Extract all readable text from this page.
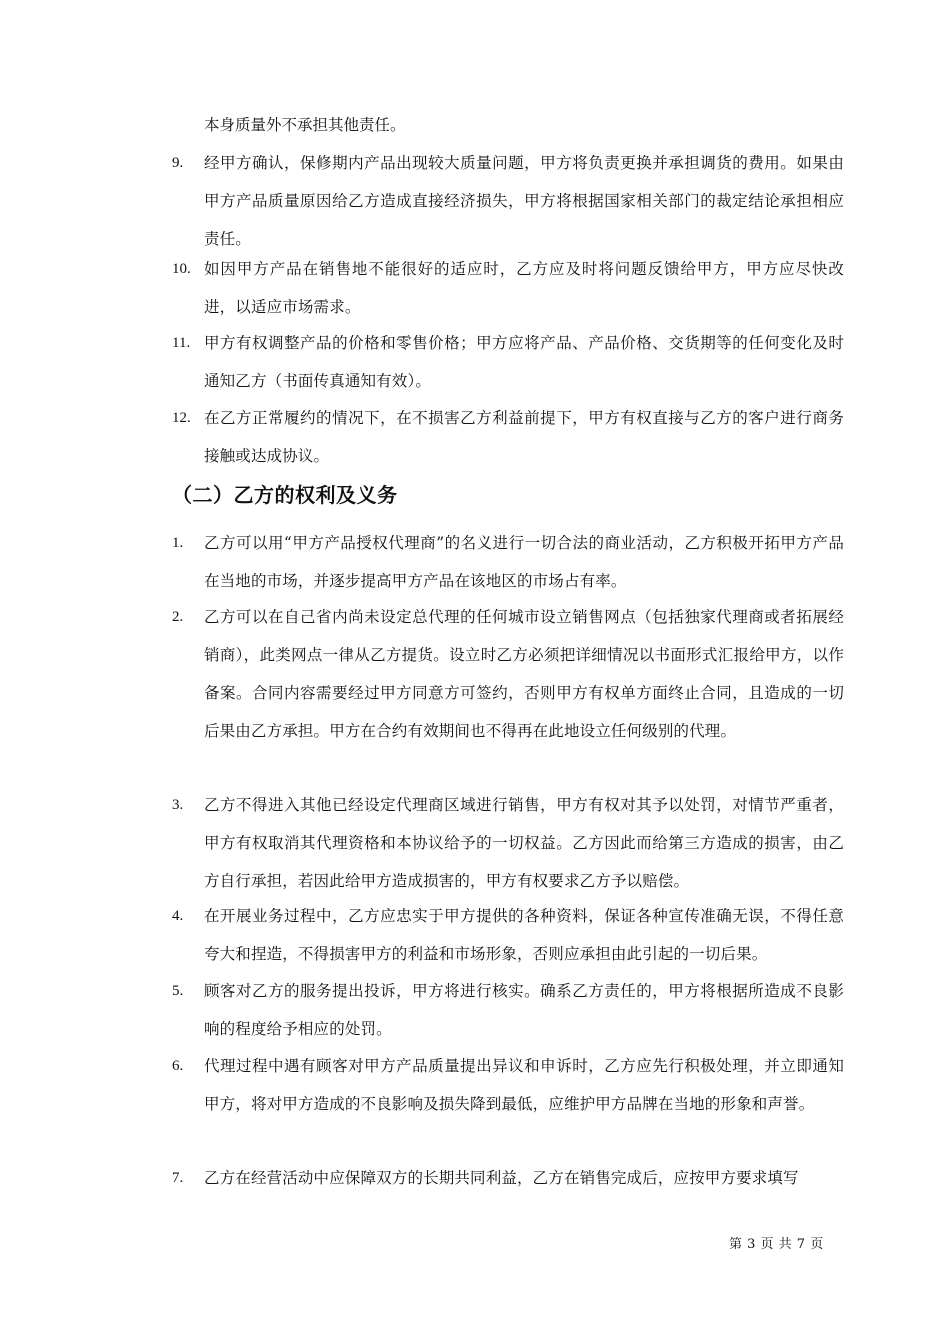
本身质量外不承担其他责任。

9. 经甲方确认，保修期内产品出现较大质量问题，甲方将负责更换并承担调货的费用。如果由甲方产品质量原因给乙方造成直接经济损失，甲方将根据国家相关部门的裁定结论承担相应责任。
10. 如因甲方产品在销售地不能很好的适应时，乙方应及时将问题反馈给甲方，甲方应尽快改进，以适应市场需求。
11. 甲方有权调整产品的价格和零售价格；甲方应将产品、产品价格、交货期等的任何变化及时通知乙方（书面传真通知有效）。
12. 在乙方正常履约的情况下，在不损害乙方利益前提下，甲方有权直接与乙方的客户进行商务接触或达成协议。
（二）乙方的权利及义务
1. 乙方可以用“甲方产品授权代理商”的名义进行一切合法的商业活动，乙方积极开拓甲方产品在当地的市场，并逐步提高甲方产品在该地区的市场占有率。
2. 乙方可以在自己省内尚未设定总代理的任何城市设立销售网点（包括独家代理商或者拓展经销商），此类网点一律从乙方提货。设立时乙方必须把详细情况以书面形式汇报给甲方，以作备案。合同内容需要经过甲方同意方可签约，否则甲方有权单方面终止合同，且造成的一切后果由乙方承担。甲方在合约有效期间也不得再在此地设立任何级别的代理。
3. 乙方不得进入其他已经设定代理商区域进行销售，甲方有权对其予以处罚，对情节严重者，甲方有权取消其代理资格和本协议给予的一切权益。乙方因此而给第三方造成的损害，由乙方自行承担，若因此给甲方造成损害的，甲方有权要求乙方予以赔偿。
4. 在开展业务过程中，乙方应忠实于甲方提供的各种资料，保证各种宣传准确无误，不得任意夸大和捏造，不得损害甲方的利益和市场形象，否则应承担由此引起的一切后果。
5. 顾客对乙方的服务提出投诉，甲方将进行核实。确系乙方责任的，甲方将根据所造成不良影响的程度给予相应的处罚。
6. 代理过程中遇有顾客对甲方产品质量提出异议和申诉时，乙方应先行积极处理，并立即通知甲方，将对甲方造成的不良影响及损失降到最低，应维护甲方品牌在当地的形象和声誉。
7. 乙方在经营活动中应保障双方的长期共同利益，乙方在销售完成后，应按甲方要求填写
第 3 页 共 7 页
